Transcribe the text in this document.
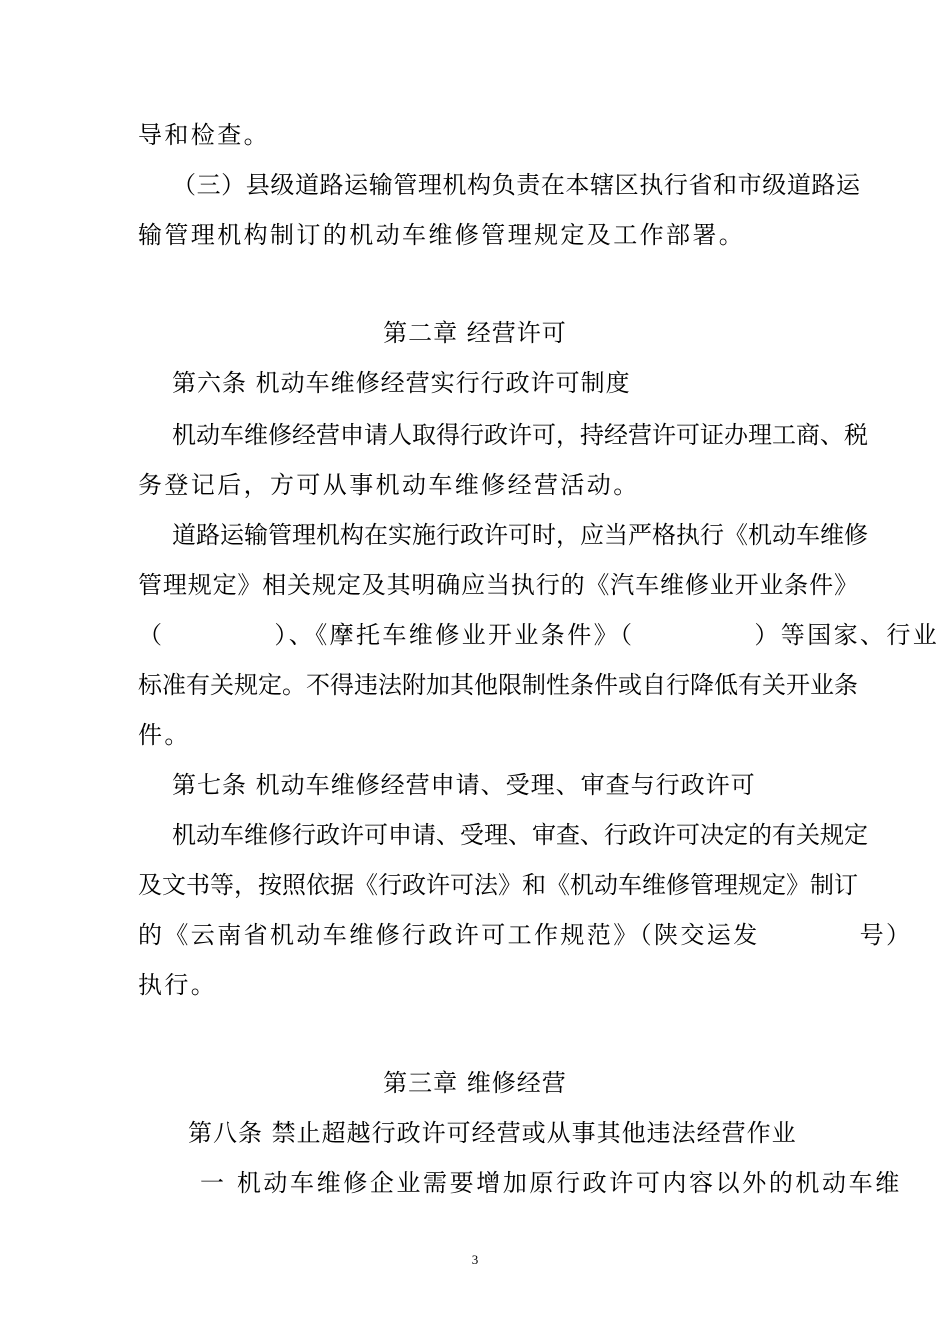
导和检查。
（三）县级道路运输管理机构负责在本辖区执行省和市级道路运
输管理机构制订的机动车维修管理规定及工作部署。
第二章 经营许可
第六条 机动车维修经营实行行政许可制度
机动车维修经营申请人取得行政许可，持经营许可证办理工商、税
务登记后，方可从事机动车维修经营活动。
道路运输管理机构在实施行政许可时，应当严格执行《机动车维修
管理规定》相关规定及其明确应当执行的《汽车维修业开业条件》
（	）、《摩托车维修业开业条件》（	）等国家、行业
标准有关规定。不得违法附加其他限制性条件或自行降低有关开业条
件。
第七条 机动车维修经营申请、受理、审查与行政许可
机动车维修行政许可申请、受理、审查、行政许可决定的有关规定
及文书等，按照依据《行政许可法》和《机动车维修管理规定》制订
的《云南省机动车维修行政许可工作规范》（陕交运发	号）
执行。
第三章 维修经营
第八条 禁止超越行政许可经营或从事其他违法经营作业
一 机动车维修企业需要增加原行政许可内容以外的机动车维
3
